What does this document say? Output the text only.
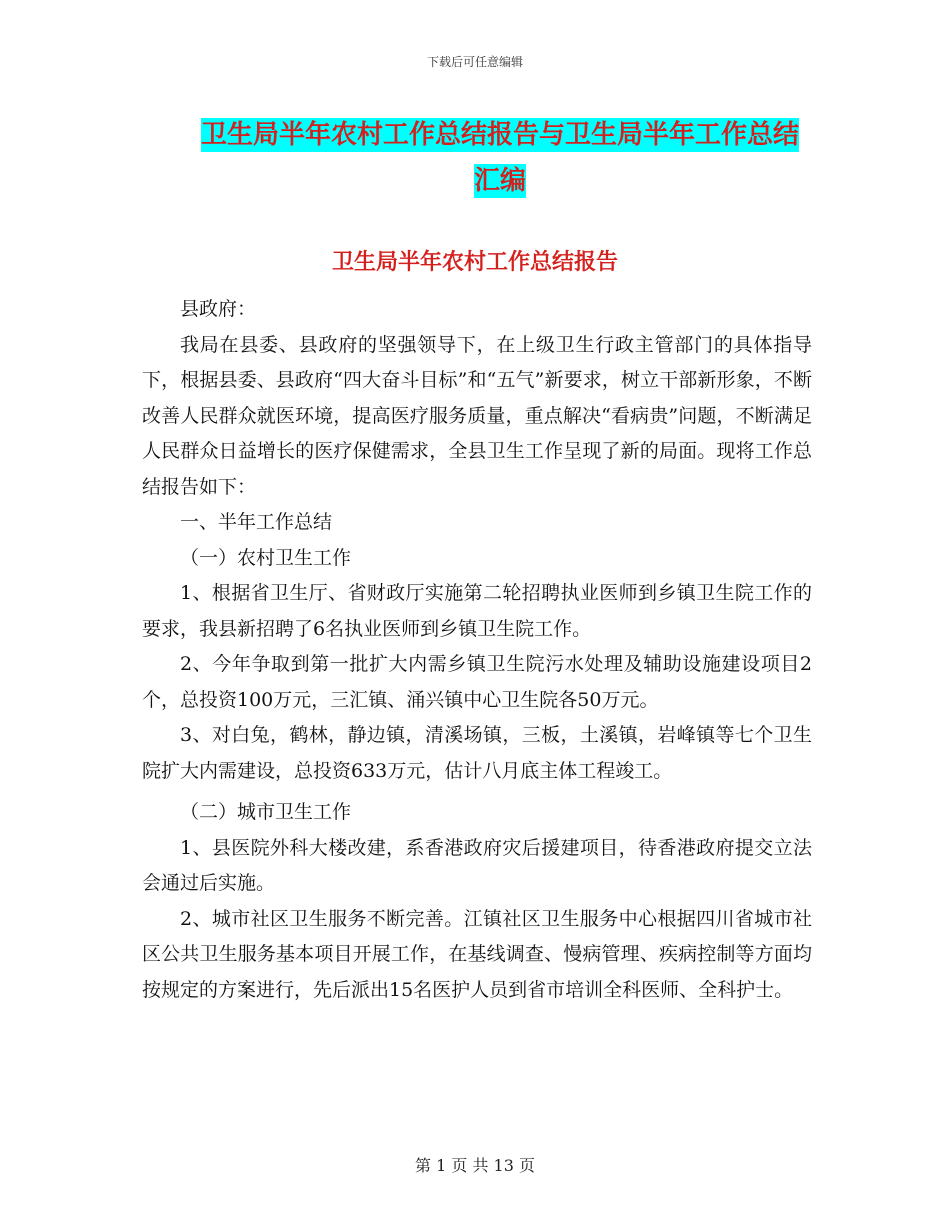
下载后可任意编辑
卫生局半年农村工作总结报告与卫生局半年工作总结
汇编
卫生局半年农村工作总结报告

县政府：

我局在县委、县政府的坚强领导下，在上级卫生行政主管部门的具体指导下，根据县委、县政府“四大奋斗目标”和“五气”新要求，树立干部新形象，不断改善人民群众就医环境，提高医疗服务质量，重点解决“看病贵”问题，不断满足人民群众日益增长的医疗保健需求，全县卫生工作呈现了新的局面。现将工作总结报告如下：

一、半年工作总结

（一）农村卫生工作

1、根据省卫生厅、省财政厅实施第二轮招聘执业医师到乡镇卫生院工作的要求，我县新招聘了6名执业医师到乡镇卫生院工作。

2、今年争取到第一批扩大内需乡镇卫生院污水处理及辅助设施建设项目2个，总投资100万元，三汇镇、涌兴镇中心卫生院各50万元。

3、对白兔，鹤林，静边镇，清溪场镇，三板，土溪镇，岩峰镇等七个卫生院扩大内需建设，总投资633万元，估计八月底主体工程竣工。

（二）城市卫生工作

1、县医院外科大楼改建，系香港政府灾后援建项目，待香港政府提交立法会通过后实施。

2、城市社区卫生服务不断完善。江镇社区卫生服务中心根据四川省城市社区公共卫生服务基本项目开展工作，在基线调查、慢病管理、疾病控制等方面均按规定的方案进行，先后派出15名医护人员到省市培训全科医师、全科护士。

第 1 页 共 13 页
